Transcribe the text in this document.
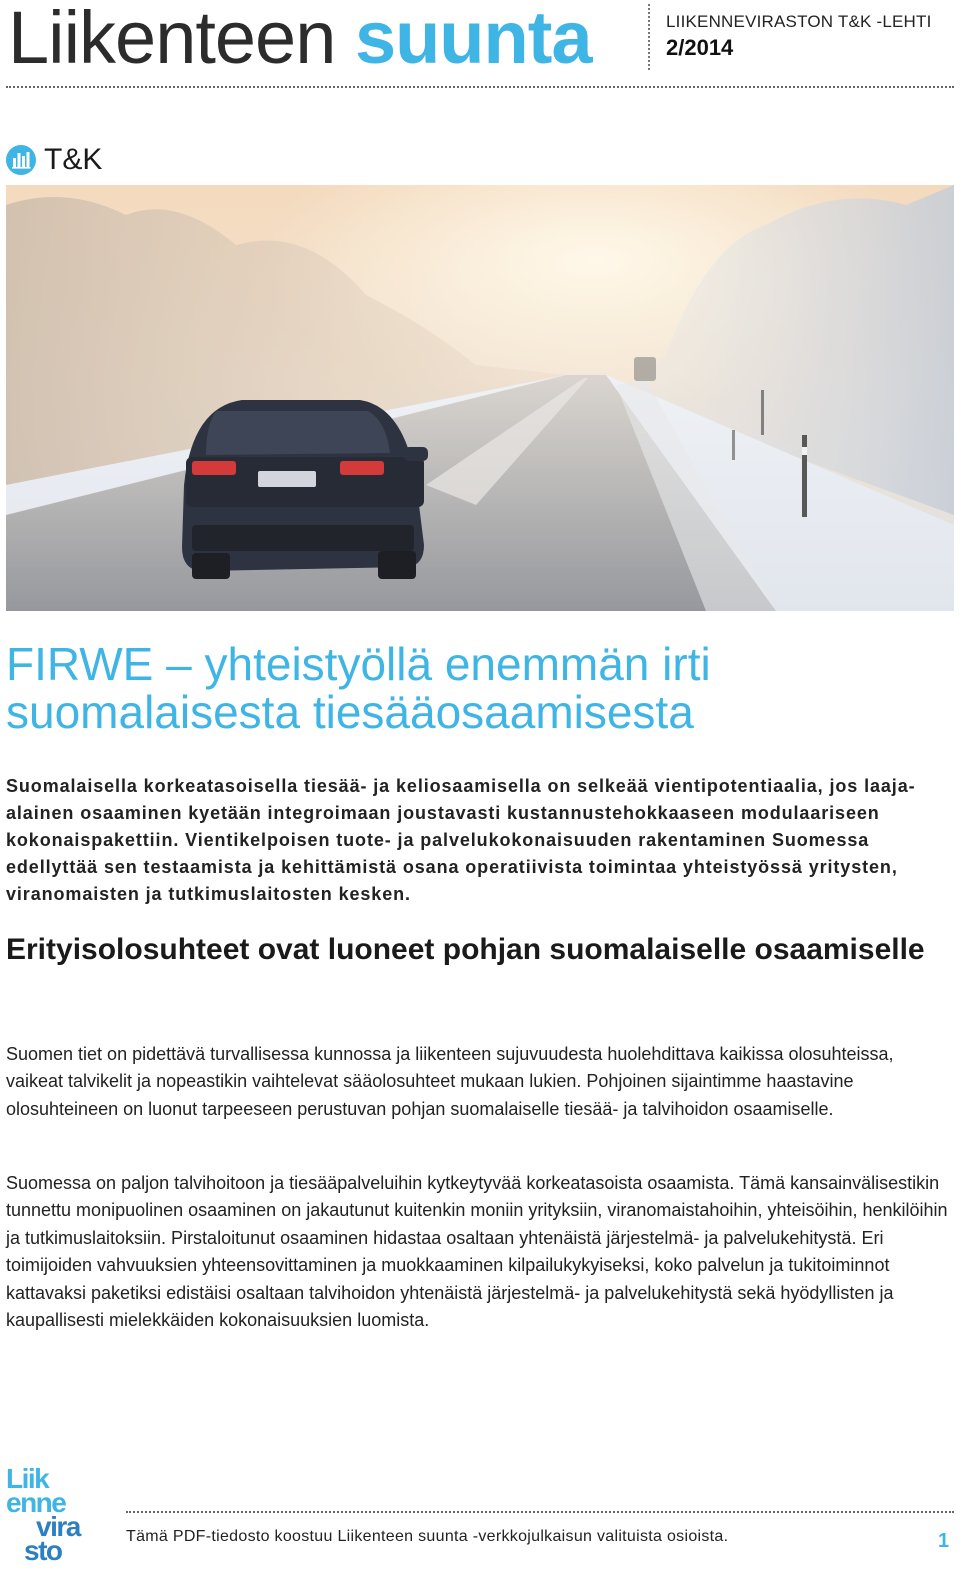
Liikenteen suunta	LIIKENNEVIRASTON T&K -LEHTI
2/2014
T&K
FIRWE – yhteistyöllä enemmän irti suomalaisesta tiesääosaamisesta

Suomalaisella korkeatasoisella tiesää- ja keliosaamisella on selkeää vientipotentiaalia, jos laaja-alainen osaaminen kyetään integroimaan joustavasti kustannustehokkaaseen modulaariseen kokonaispakettiin. Vientikelpoisen tuote- ja palvelukokonaisuuden rakentaminen Suomessa edellyttää sen testaamista ja kehittämistä osana operatiivista toimintaa yhteistyössä yritysten, viranomaisten ja tutkimuslaitosten kesken.

Erityisolosuhteet ovat luoneet pohjan suomalaiselle osaamiselle

Suomen tiet on pidettävä turvallisessa kunnossa ja liikenteen sujuvuudesta huolehdittava kaikissa olosuhteissa, vaikeat talvikelit ja nopeastikin vaihtelevat sääolosuhteet mukaan lukien. Pohjoinen sijaintimme haastavine olosuhteineen on luonut tarpeeseen perustuvan pohjan suomalaiselle tiesää- ja talvihoidon osaamiselle.

Suomessa on paljon talvihoitoon ja tiesääpalveluihin kytkeytyvää korkeatasoista osaamista. Tämä kansainvälisestikin tunnettu monipuolinen osaaminen on jakautunut kuitenkin moniin yrityksiin, viranomaistahoihin, yhteisöihin, henkilöihin ja tutkimuslaitoksiin. Pirstaloitunut osaaminen hidastaa osaltaan yhtenäistä järjestelmä- ja palvelukehitystä. Eri toimijoiden vahvuuksien yhteensovittaminen ja muokkaaminen kilpailukykyiseksi, koko palvelun ja tukitoiminnot kattavaksi paketiksi edistäisi osaltaan talvihoidon yhtenäistä järjestelmä- ja palvelukehitystä sekä hyödyllisten ja kaupallisesti mielekkäiden kokonaisuuksien luomista.

Liik
enne
vira
sto	Tämä PDF-tiedosto koostuu Liikenteen suunta -verkkojulkaisun valituista osioista.	1
